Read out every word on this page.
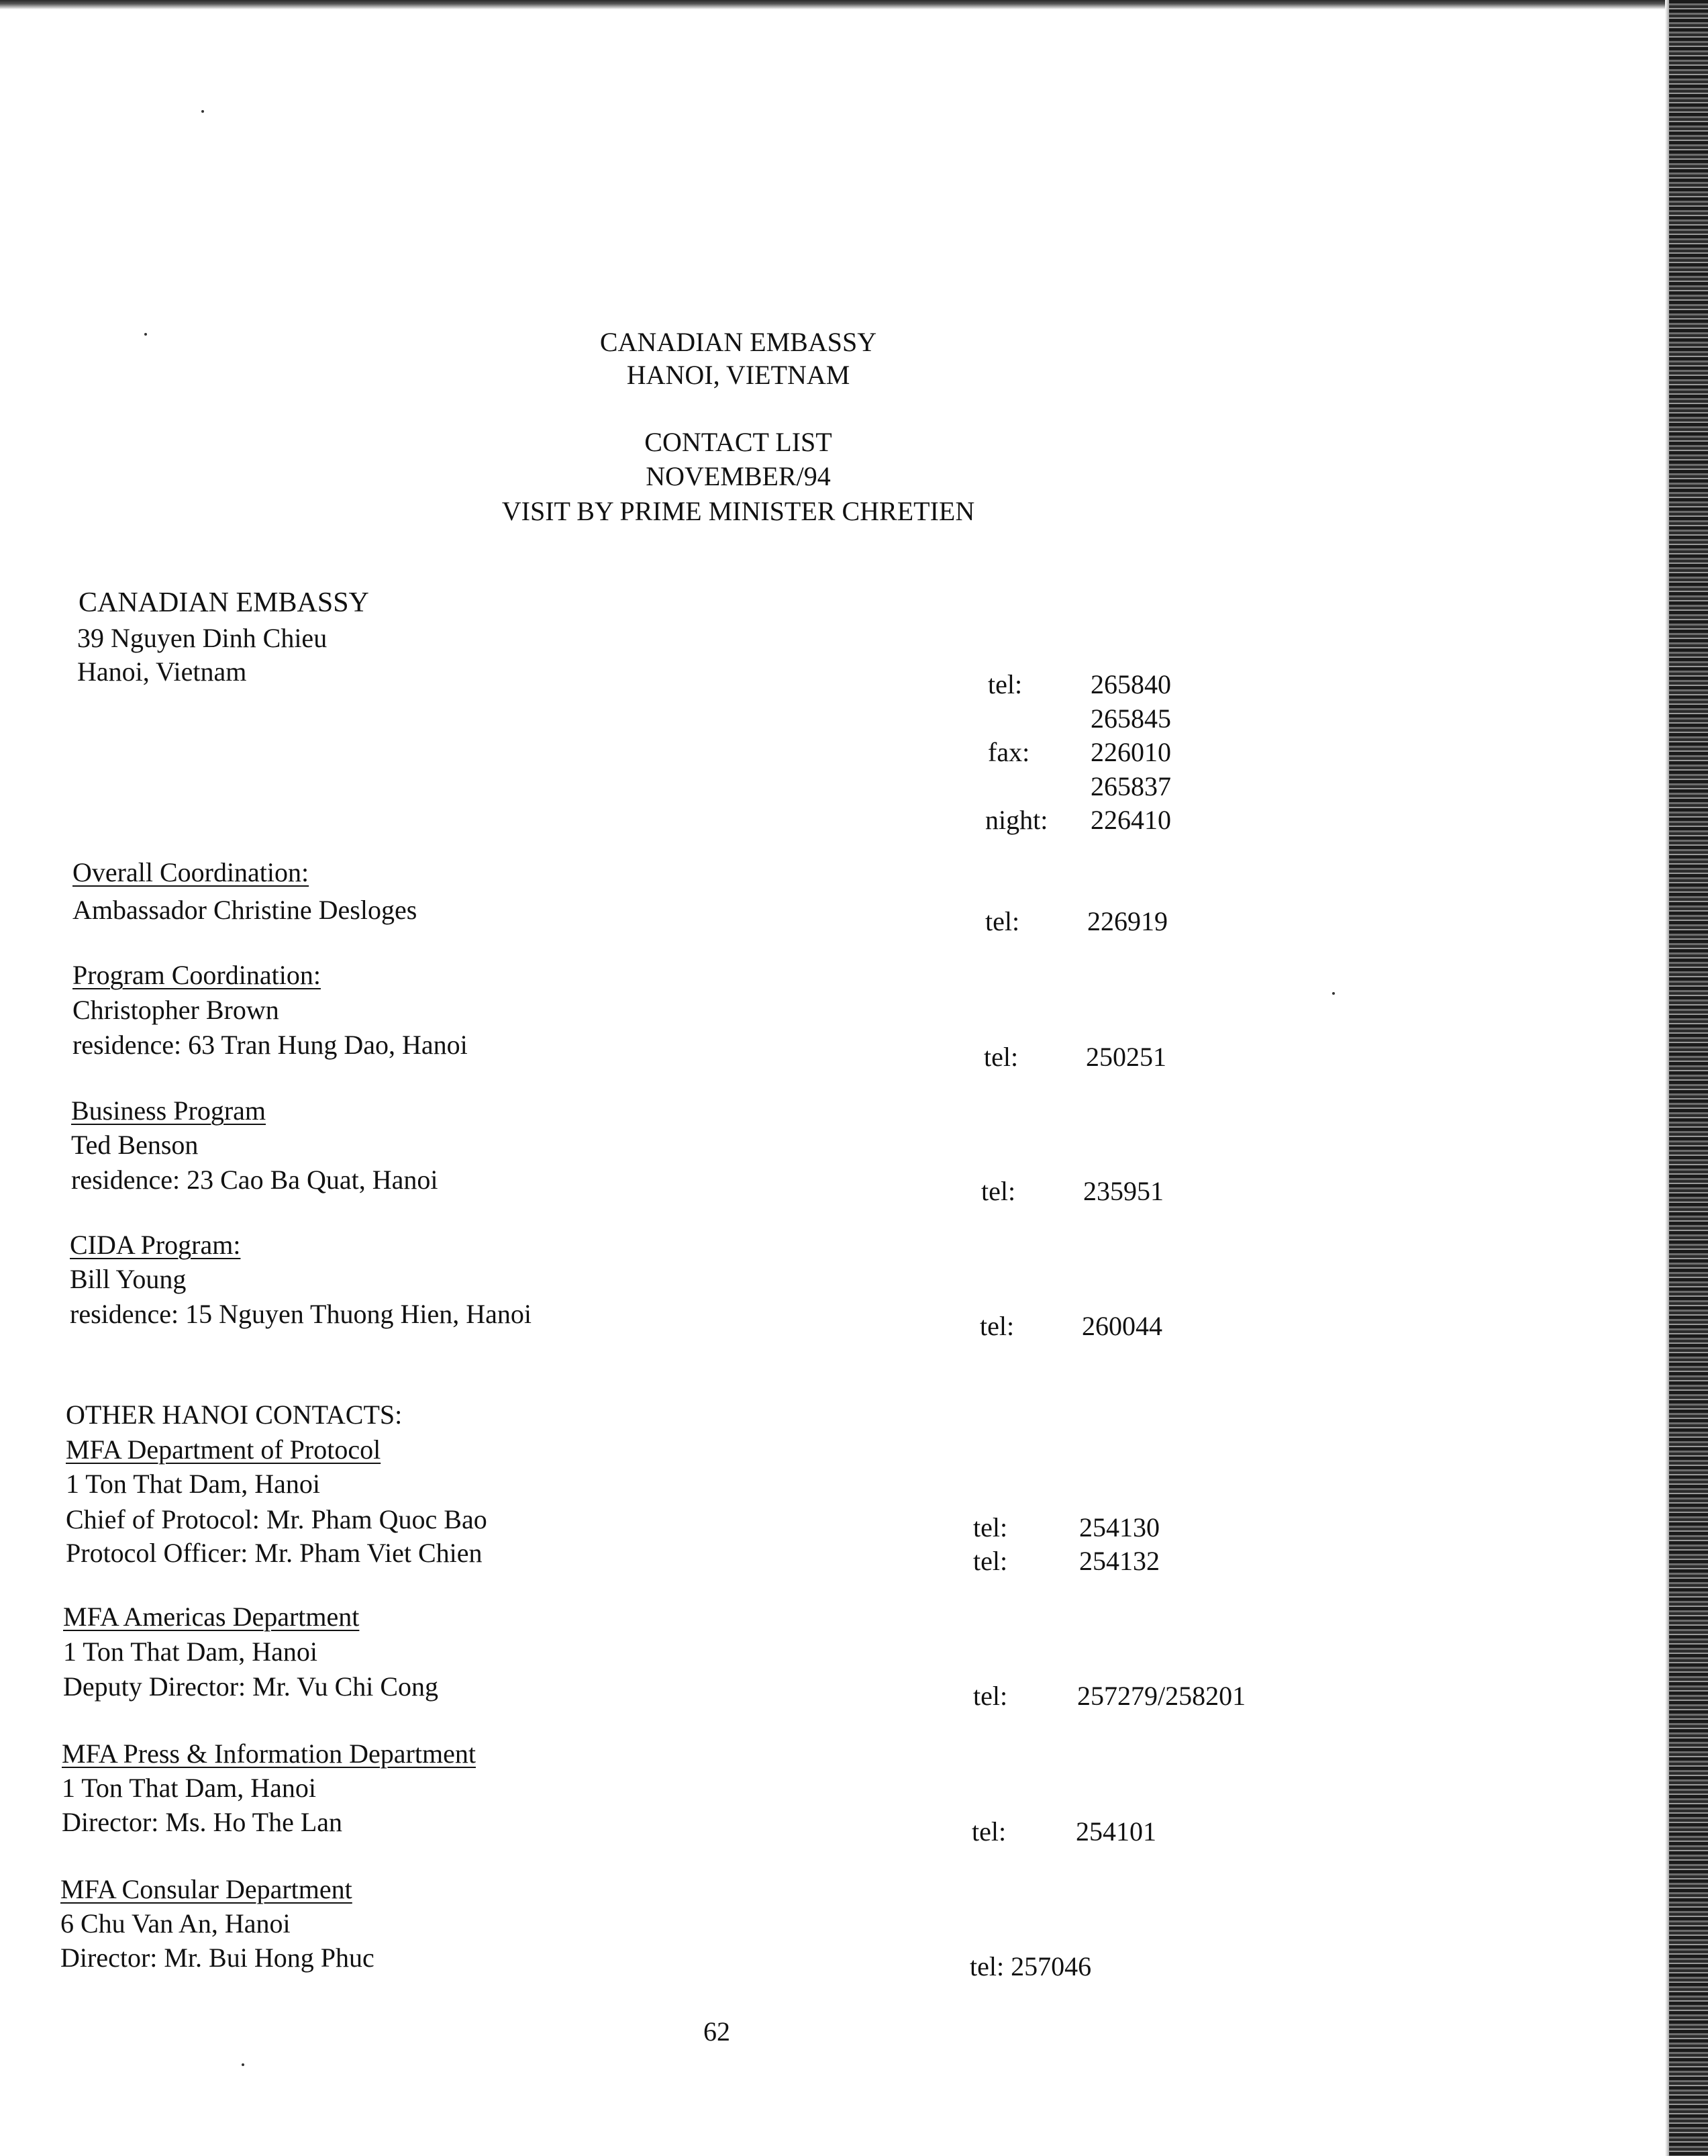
CANADIAN EMBASSY
HANOI, VIETNAM
CONTACT LIST
NOVEMBER/94
VISIT BY PRIME MINISTER CHRETIEN
CANADIAN EMBASSY
39 Nguyen Dinh Chieu
Hanoi, Vietnam	tel:	265840
265845
fax: 226010
265837
night: 226410
Overall Coordination:
Ambassador Christine Desloges	tel:	226919
Program Coordination:
Christopher Brown
residence: 63 Tran Hung Dao, Hanoi	tel:	250251
Business Program
Ted Benson
residence: 23 Cao Ba Quat, Hanoi	tel:	235951
CIDA Program:
Bill Young
residence: 15 Nguyen Thuong Hien, Hanoi	tel:	260044
OTHER HANOI CONTACTS:
MFA Department of Protocol
1 Ton That Dam, Hanoi
Chief of Protocol: Mr. Pham Quoc Bao	tel:	254130
Protocol Officer: Mr. Pham Viet Chien	tel:	254132
MFA Americas Department
1 Ton That Dam, Hanoi
Deputy Director: Mr. Vu Chi Cong	tel:	257279/258201
MFA Press & Information Department
1 Ton That Dam, Hanoi
Director: Ms. Ho The Lan	tel:	254101
MFA Consular Department
6 Chu Van An, Hanoi
Director: Mr. Bui Hong Phuc	tel: 257046
62
